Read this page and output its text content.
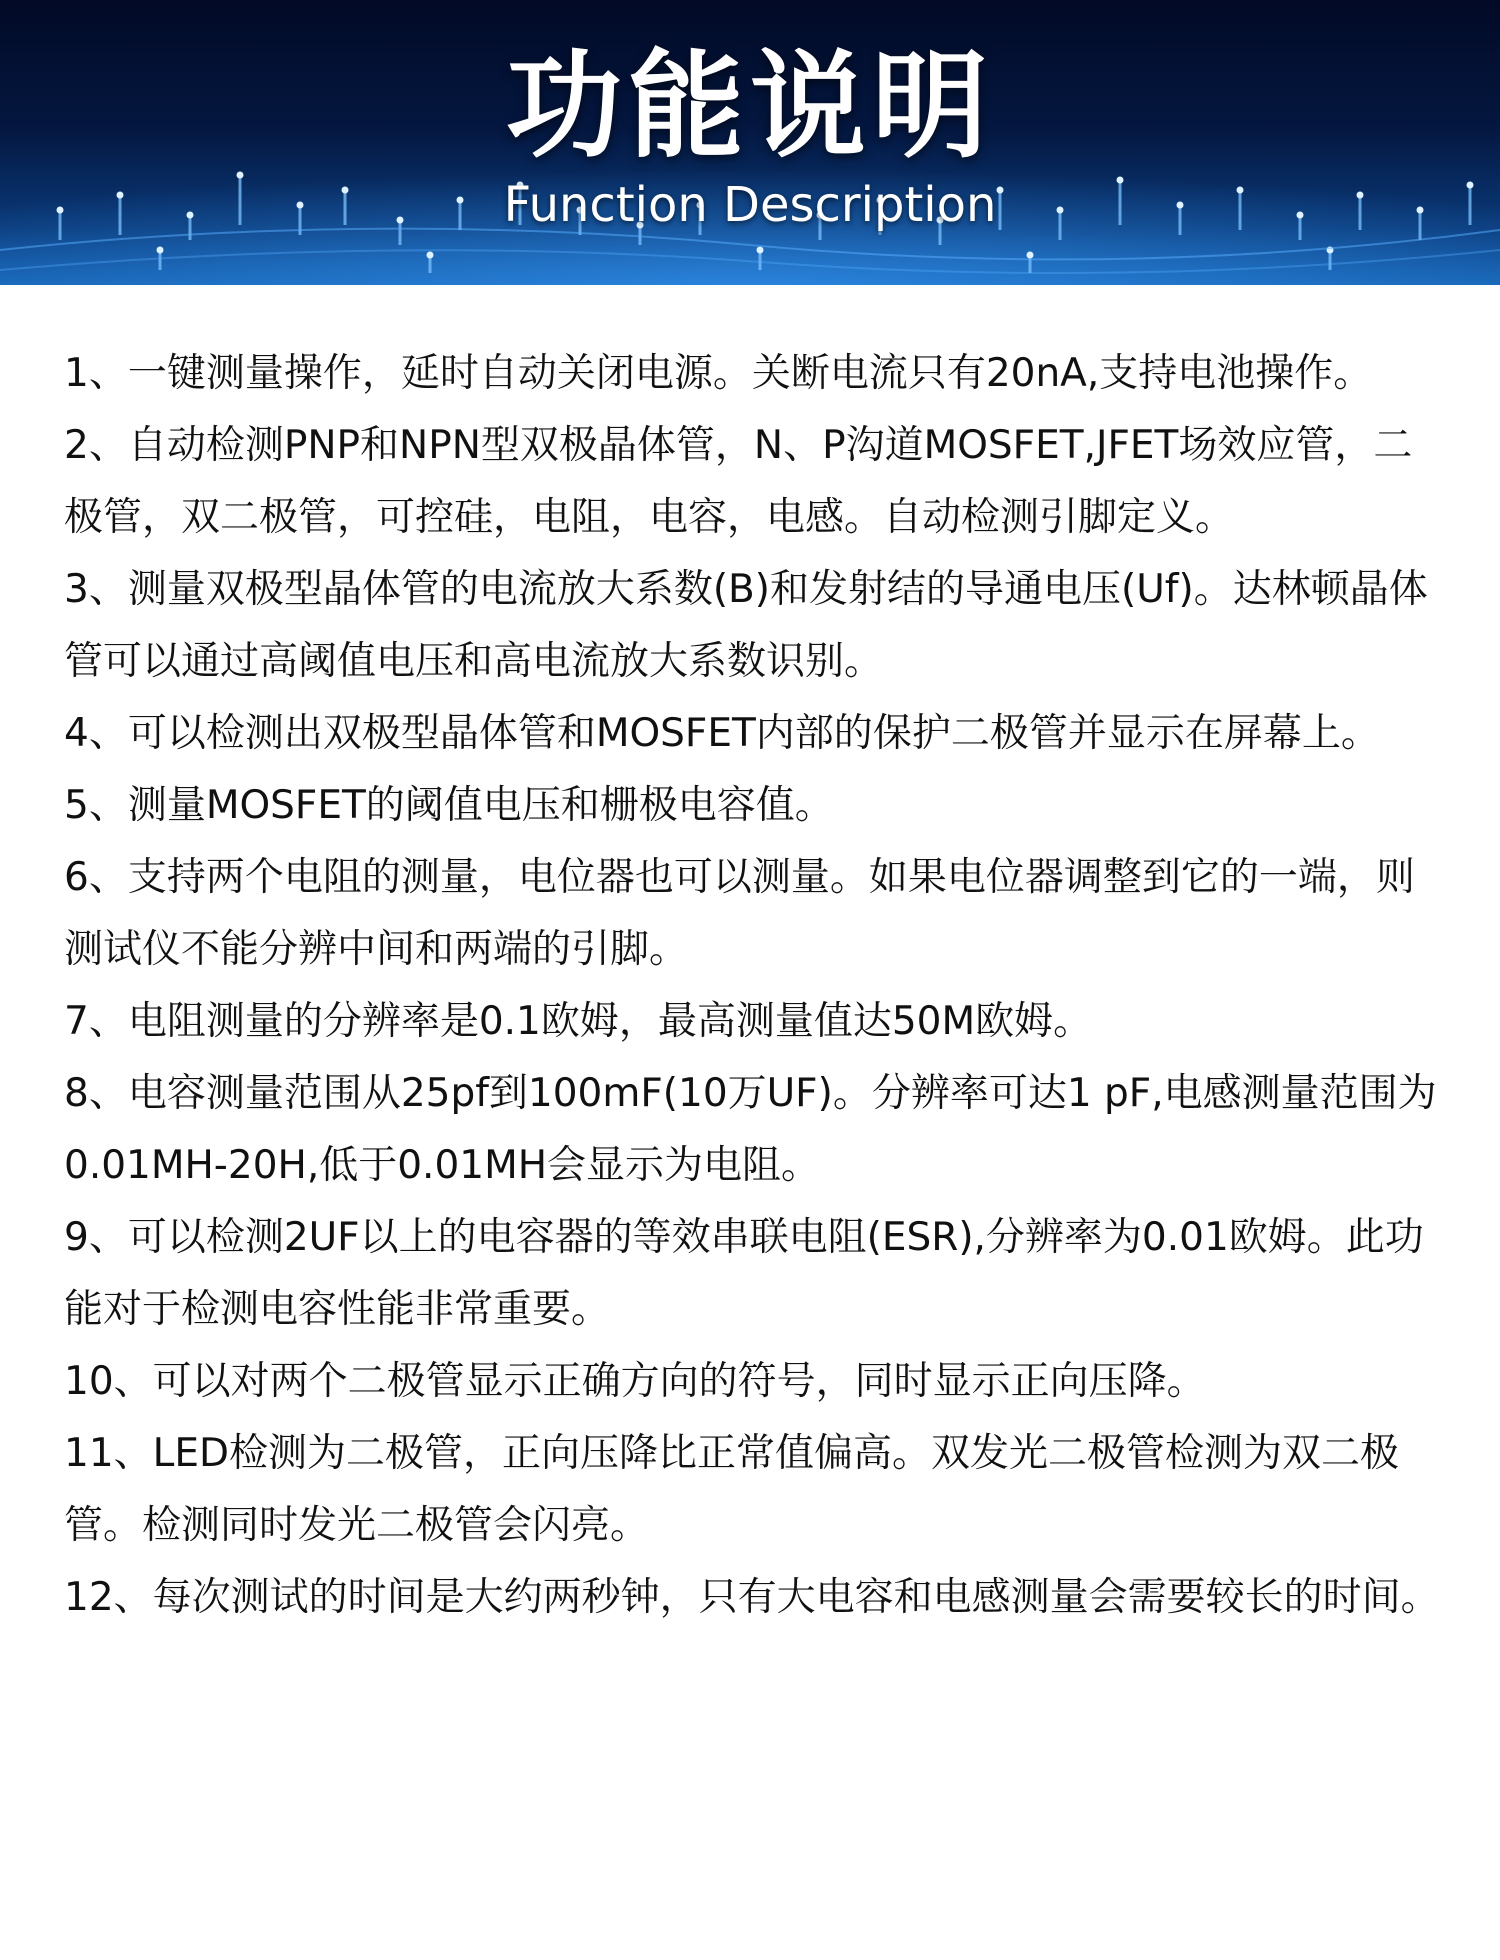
功能说明
Function Description

1、一键测量操作，延时自动关闭电源。关断电流只有20nA,支持电池操作。

2、自动检测PNP和NPN型双极晶体管，N、P沟道MOSFET,JFET场效应管，二极管，双二极管，可控硅，电阻，电容，电感。自动检测引脚定义。

3、测量双极型晶体管的电流放大系数(B)和发射结的导通电压(Uf)。达林顿晶体管可以通过高阈值电压和高电流放大系数识别。

4、可以检测出双极型晶体管和MOSFET内部的保护二极管并显示在屏幕上。

5、测量MOSFET的阈值电压和栅极电容值。

6、支持两个电阻的测量，电位器也可以测量。如果电位器调整到它的一端，则测试仪不能分辨中间和两端的引脚。

7、电阻测量的分辨率是0.1欧姆，最高测量值达50M欧姆。

8、电容测量范围从25pf到100mF(10万UF)。分辨率可达1 pF,电感测量范围为0.01MH-20H,低于0.01MH会显示为电阻。

9、可以检测2UF以上的电容器的等效串联电阻(ESR),分辨率为0.01欧姆。此功能对于检测电容性能非常重要。

10、可以对两个二极管显示正确方向的符号，同时显示正向压降。

11、LED检测为二极管，正向压降比正常值偏高。双发光二极管检测为双二极管。检测同时发光二极管会闪亮。

12、每次测试的时间是大约两秒钟，只有大电容和电感测量会需要较长的时间。
